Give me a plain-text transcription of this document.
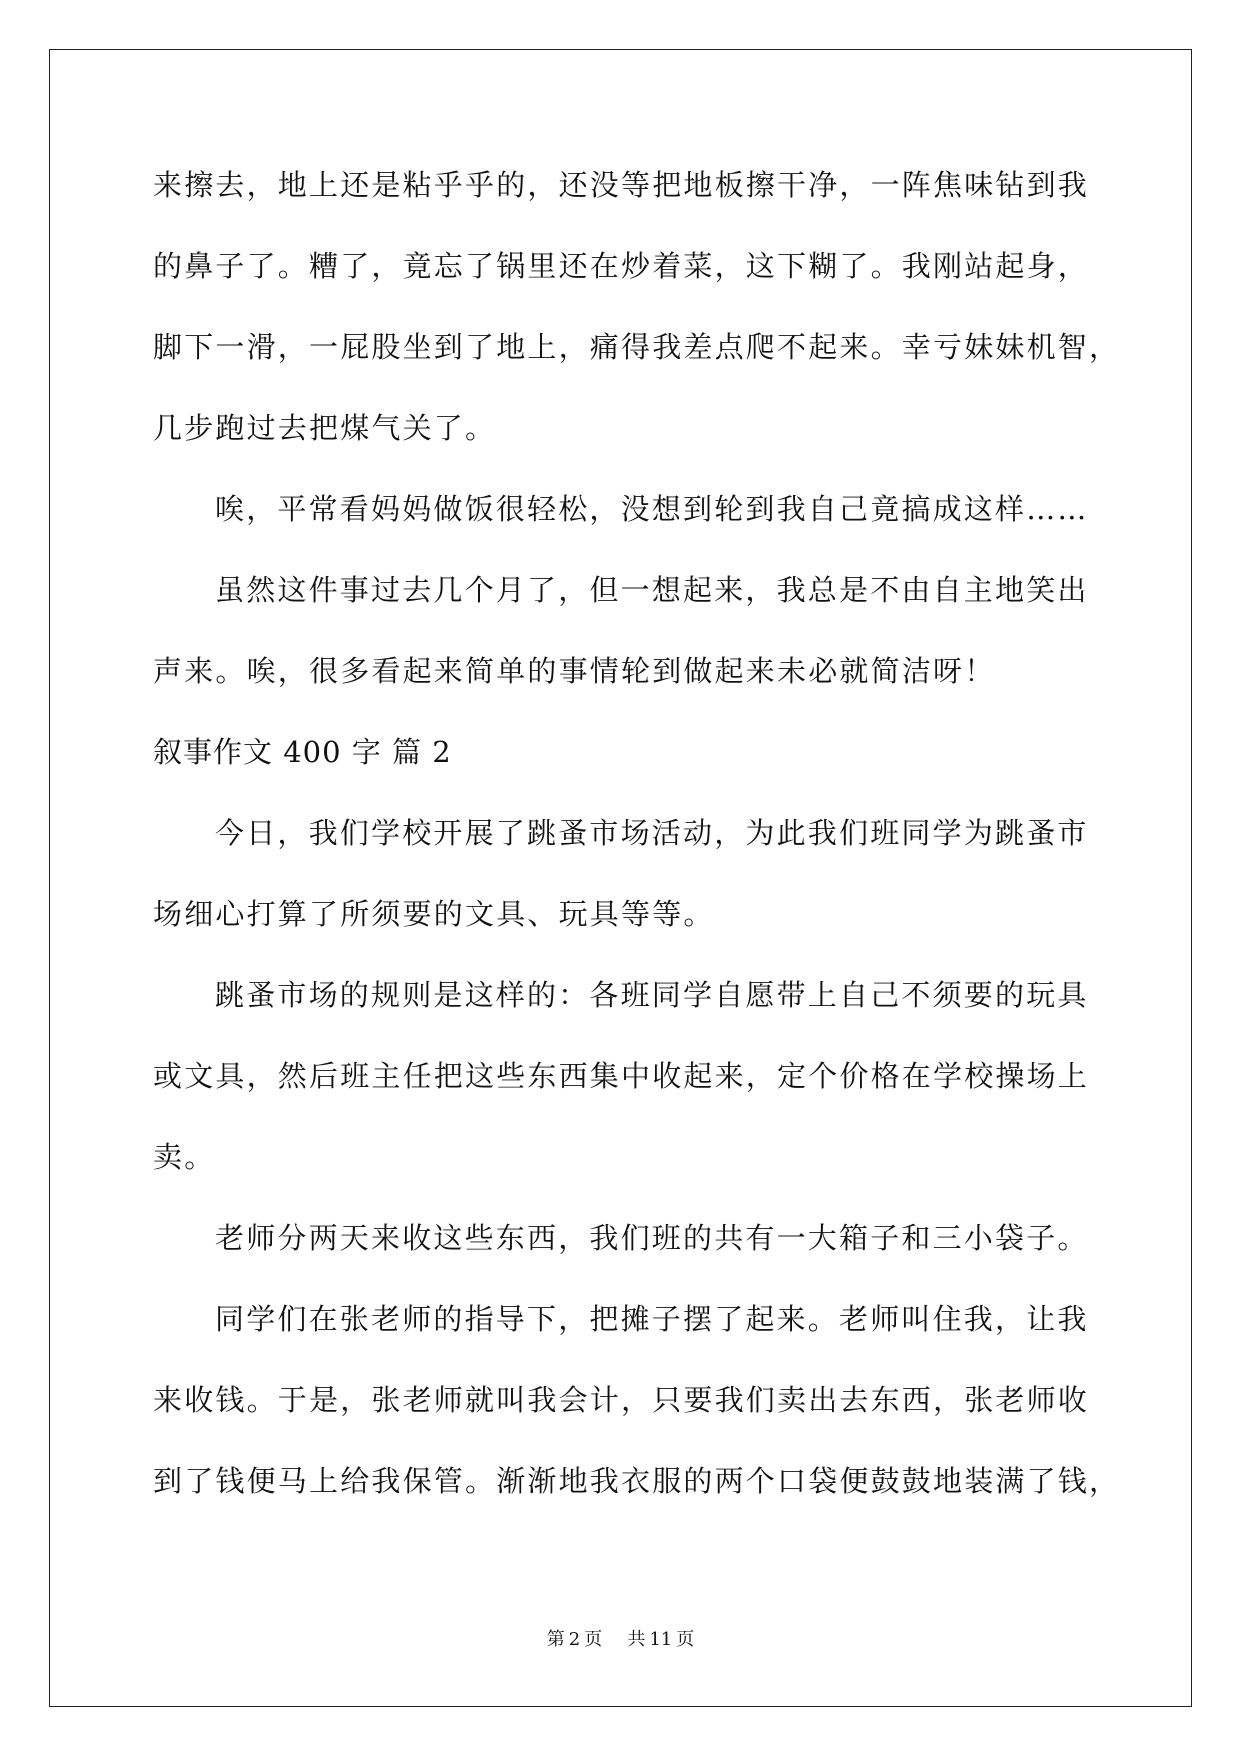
来擦去，地上还是粘乎乎的，还没等把地板擦干净，一阵焦味钻到我
的鼻子了。糟了，竟忘了锅里还在炒着菜，这下糊了。我刚站起身，
脚下一滑，一屁股坐到了地上，痛得我差点爬不起来。幸亏妹妹机智，
几步跑过去把煤气关了。
唉，平常看妈妈做饭很轻松，没想到轮到我自己竟搞成这样……
虽然这件事过去几个月了，但一想起来，我总是不由自主地笑出
声来。唉，很多看起来简单的事情轮到做起来未必就简洁呀！
叙事作文 400 字 篇 2
今日，我们学校开展了跳蚤市场活动，为此我们班同学为跳蚤市
场细心打算了所须要的文具、玩具等等。
跳蚤市场的规则是这样的：各班同学自愿带上自己不须要的玩具
或文具，然后班主任把这些东西集中收起来，定个价格在学校操场上
卖。
老师分两天来收这些东西，我们班的共有一大箱子和三小袋子。
同学们在张老师的指导下，把摊子摆了起来。老师叫住我，让我
来收钱。于是，张老师就叫我会计，只要我们卖出去东西，张老师收
到了钱便马上给我保管。渐渐地我衣服的两个口袋便鼓鼓地装满了钱，
第 2 页 共 11 页
